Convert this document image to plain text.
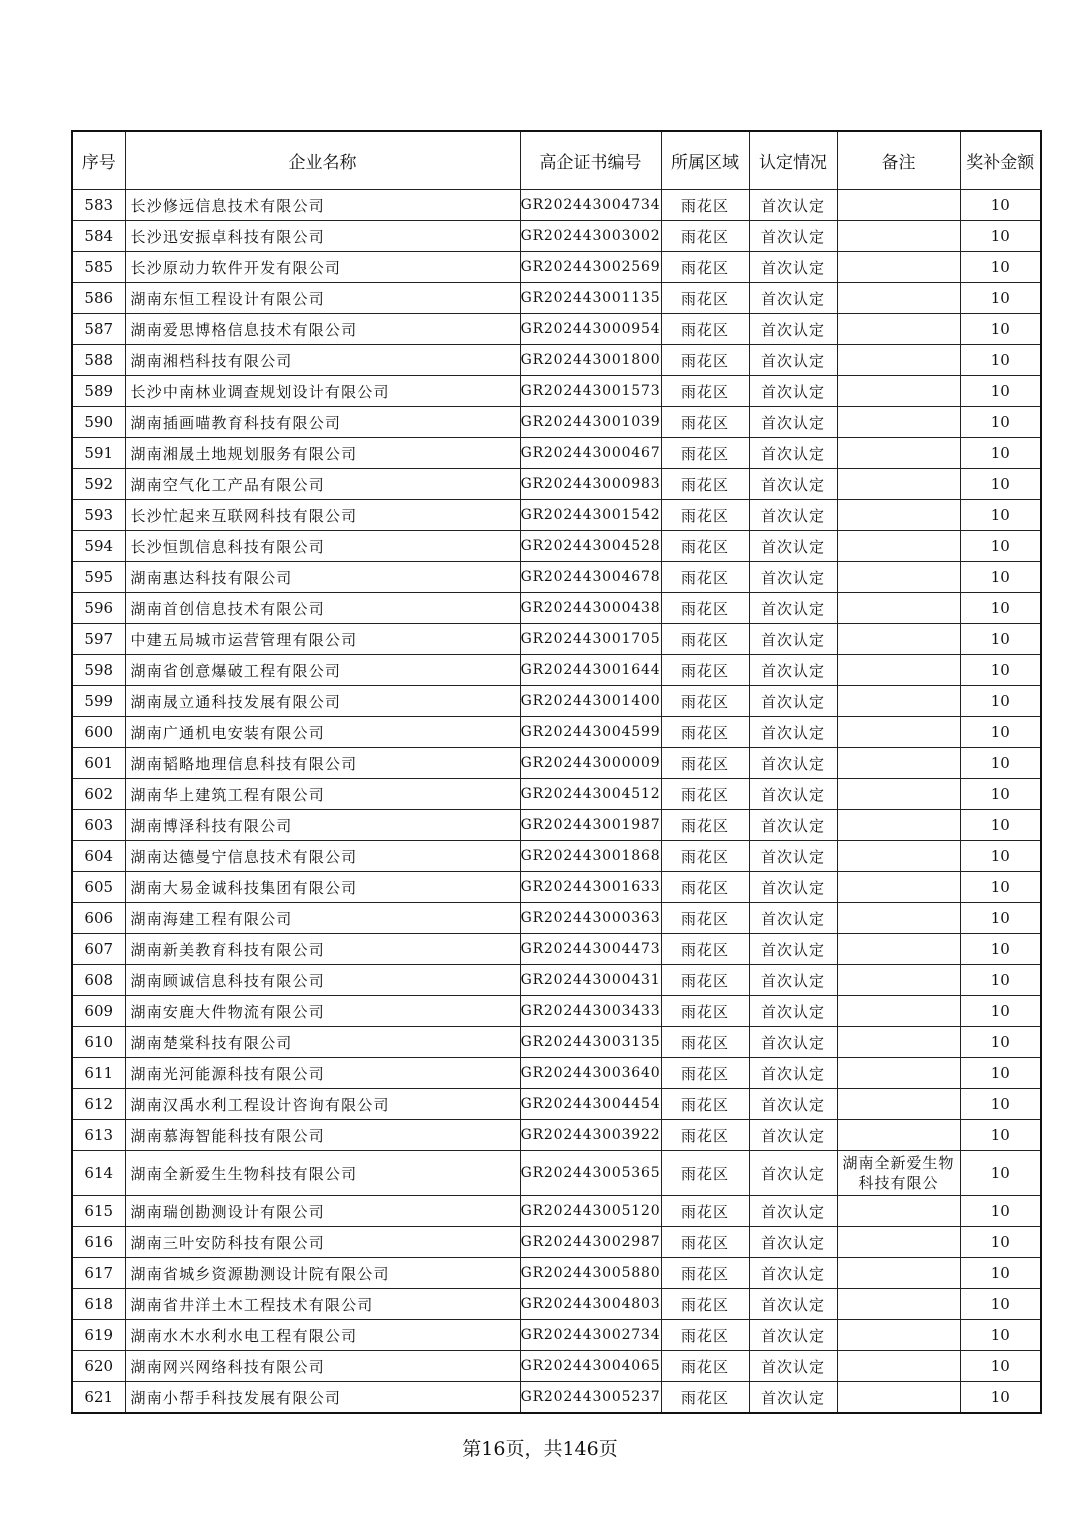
序号	企业名称	高企证书编号	所属区域	认定情况	备注	奖补金额
583	长沙修远信息技术有限公司	GR202443004734	雨花区	首次认定		10
584	长沙迅安振卓科技有限公司	GR202443003002	雨花区	首次认定		10
585	长沙原动力软件开发有限公司	GR202443002569	雨花区	首次认定		10
586	湖南东恒工程设计有限公司	GR202443001135	雨花区	首次认定		10
587	湖南爱思博格信息技术有限公司	GR202443000954	雨花区	首次认定		10
588	湖南湘档科技有限公司	GR202443001800	雨花区	首次认定		10
589	长沙中南林业调查规划设计有限公司	GR202443001573	雨花区	首次认定		10
590	湖南插画喵教育科技有限公司	GR202443001039	雨花区	首次认定		10
591	湖南湘晟土地规划服务有限公司	GR202443000467	雨花区	首次认定		10
592	湖南空气化工产品有限公司	GR202443000983	雨花区	首次认定		10
593	长沙忙起来互联网科技有限公司	GR202443001542	雨花区	首次认定		10
594	长沙恒凯信息科技有限公司	GR202443004528	雨花区	首次认定		10
595	湖南惠达科技有限公司	GR202443004678	雨花区	首次认定		10
596	湖南首创信息技术有限公司	GR202443000438	雨花区	首次认定		10
597	中建五局城市运营管理有限公司	GR202443001705	雨花区	首次认定		10
598	湖南省创意爆破工程有限公司	GR202443001644	雨花区	首次认定		10
599	湖南晟立通科技发展有限公司	GR202443001400	雨花区	首次认定		10
600	湖南广通机电安装有限公司	GR202443004599	雨花区	首次认定		10
601	湖南韬略地理信息科技有限公司	GR202443000009	雨花区	首次认定		10
602	湖南华上建筑工程有限公司	GR202443004512	雨花区	首次认定		10
603	湖南博泽科技有限公司	GR202443001987	雨花区	首次认定		10
604	湖南达德曼宁信息技术有限公司	GR202443001868	雨花区	首次认定		10
605	湖南大易金诚科技集团有限公司	GR202443001633	雨花区	首次认定		10
606	湖南海建工程有限公司	GR202443000363	雨花区	首次认定		10
607	湖南新美教育科技有限公司	GR202443004473	雨花区	首次认定		10
608	湖南顾诚信息科技有限公司	GR202443000431	雨花区	首次认定		10
609	湖南安鹿大件物流有限公司	GR202443003433	雨花区	首次认定		10
610	湖南楚棠科技有限公司	GR202443003135	雨花区	首次认定		10
611	湖南光河能源科技有限公司	GR202443003640	雨花区	首次认定		10
612	湖南汉禹水利工程设计咨询有限公司	GR202443004454	雨花区	首次认定		10
613	湖南慕海智能科技有限公司	GR202443003922	雨花区	首次认定		10
614	湖南全新爱生生物科技有限公司	GR202443005365	雨花区	首次认定	湖南全新爱生物科技有限公	10
615	湖南瑞创勘测设计有限公司	GR202443005120	雨花区	首次认定		10
616	湖南三叶安防科技有限公司	GR202443002987	雨花区	首次认定		10
617	湖南省城乡资源勘测设计院有限公司	GR202443005880	雨花区	首次认定		10
618	湖南省井洋土木工程技术有限公司	GR202443004803	雨花区	首次认定		10
619	湖南水木水利水电工程有限公司	GR202443002734	雨花区	首次认定		10
620	湖南网兴网络科技有限公司	GR202443004065	雨花区	首次认定		10
621	湖南小帮手科技发展有限公司	GR202443005237	雨花区	首次认定		10
第16页，共146页
